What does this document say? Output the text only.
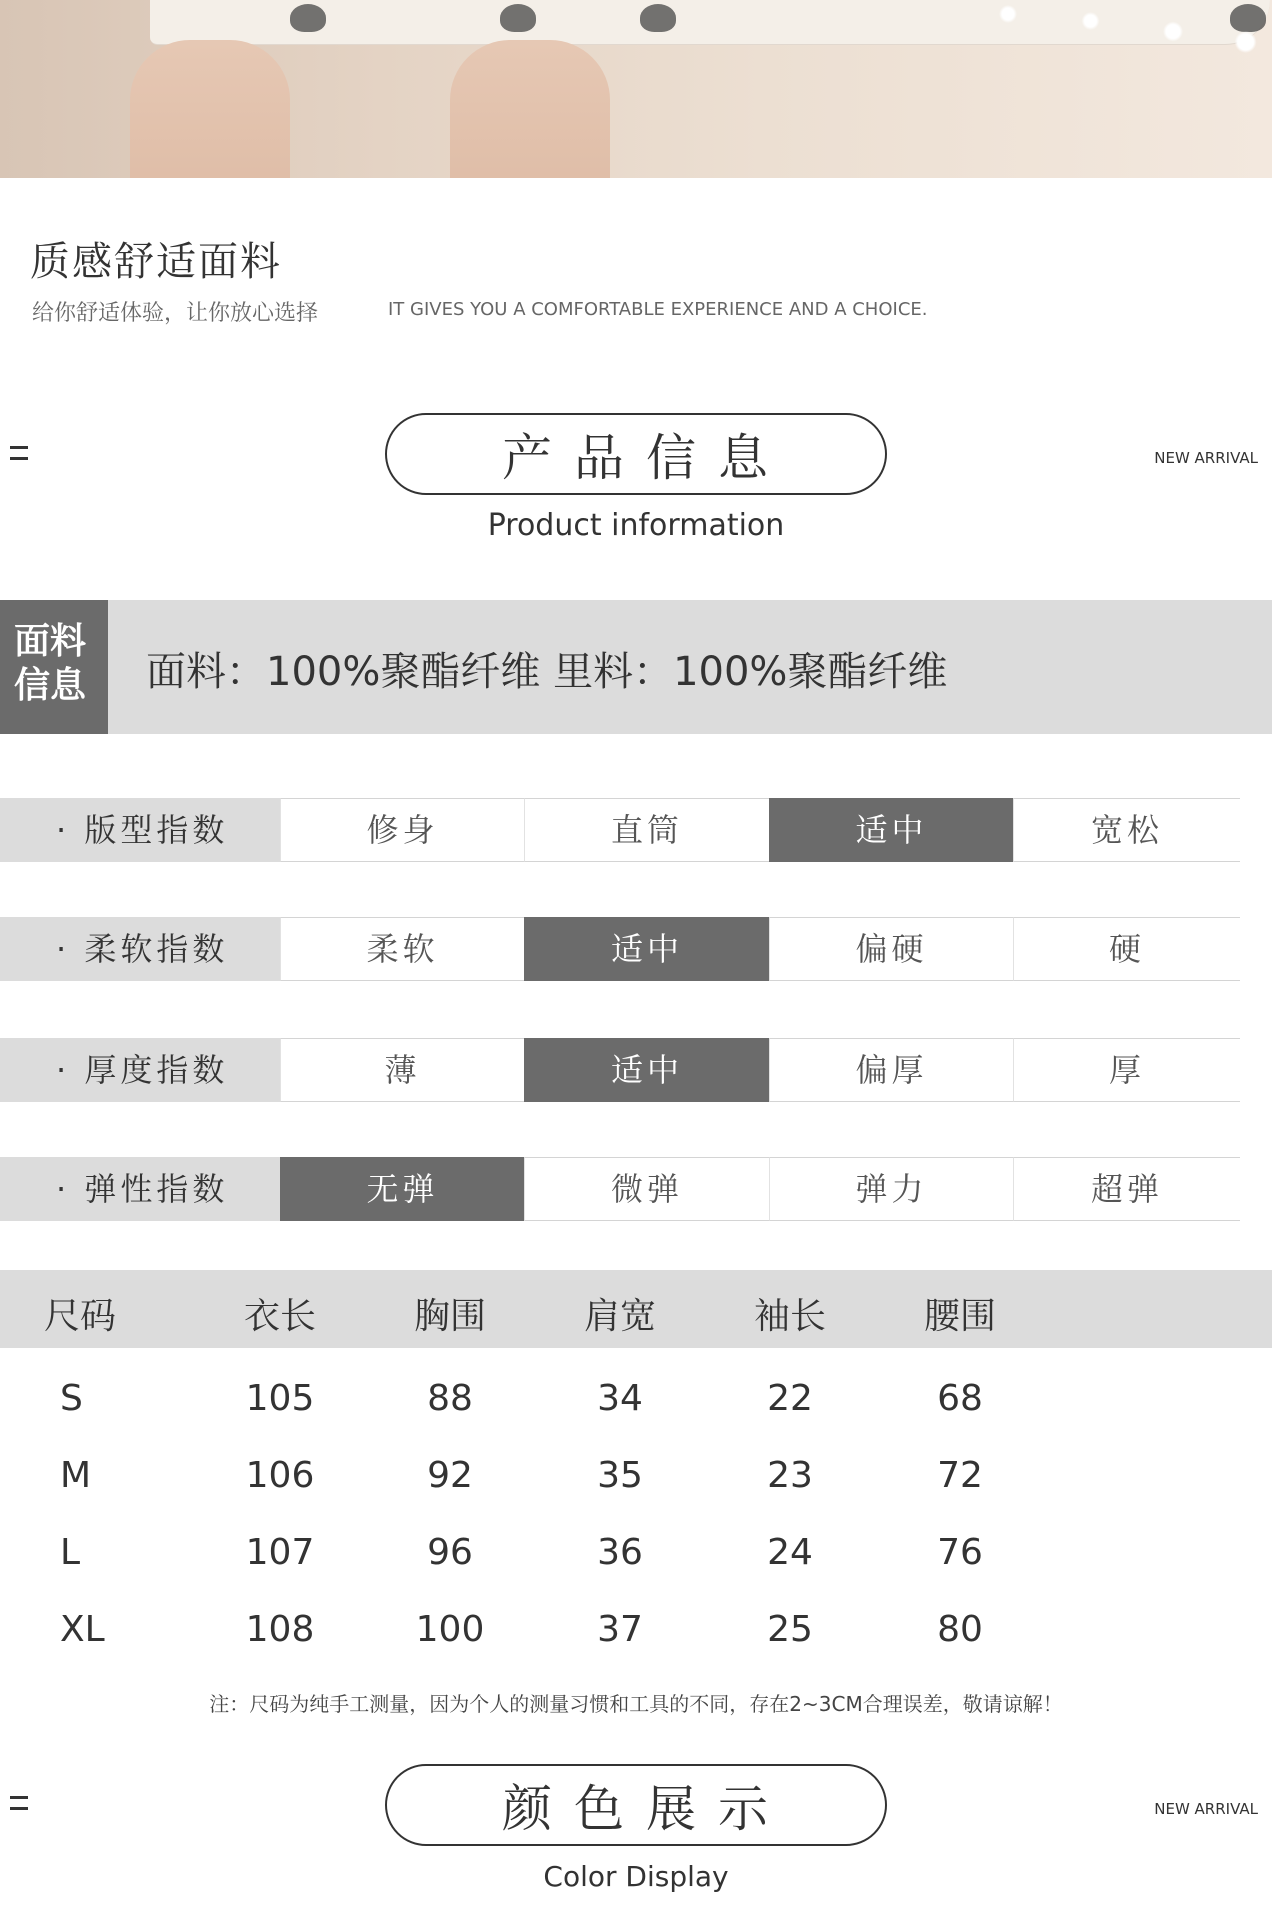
质感舒适面料
给你舒适体验，让你放心选择	IT GIVES YOU A COMFORTABLE EXPERIENCE AND A CHOICE.
产品信息
Product information
NEW ARRIVAL
面料信息	面料：100%聚酯纤维 里料：100%聚酯纤维
· 版型指数	修身	直筒	适中	宽松
· 柔软指数	柔软	适中	偏硬	硬
· 厚度指数	薄	适中	偏厚	厚
· 弹性指数	无弹	微弹	弹力	超弹
尺码	衣长	胸围	肩宽	袖长	腰围
S	105	88	34	22	68
M	106	92	35	23	72
L	107	96	36	24	76
XL	108	100	37	25	80
注：尺码为纯手工测量，因为个人的测量习惯和工具的不同，存在2~3CM合理误差，敬请谅解！
颜色展示
Color Display
NEW ARRIVAL
